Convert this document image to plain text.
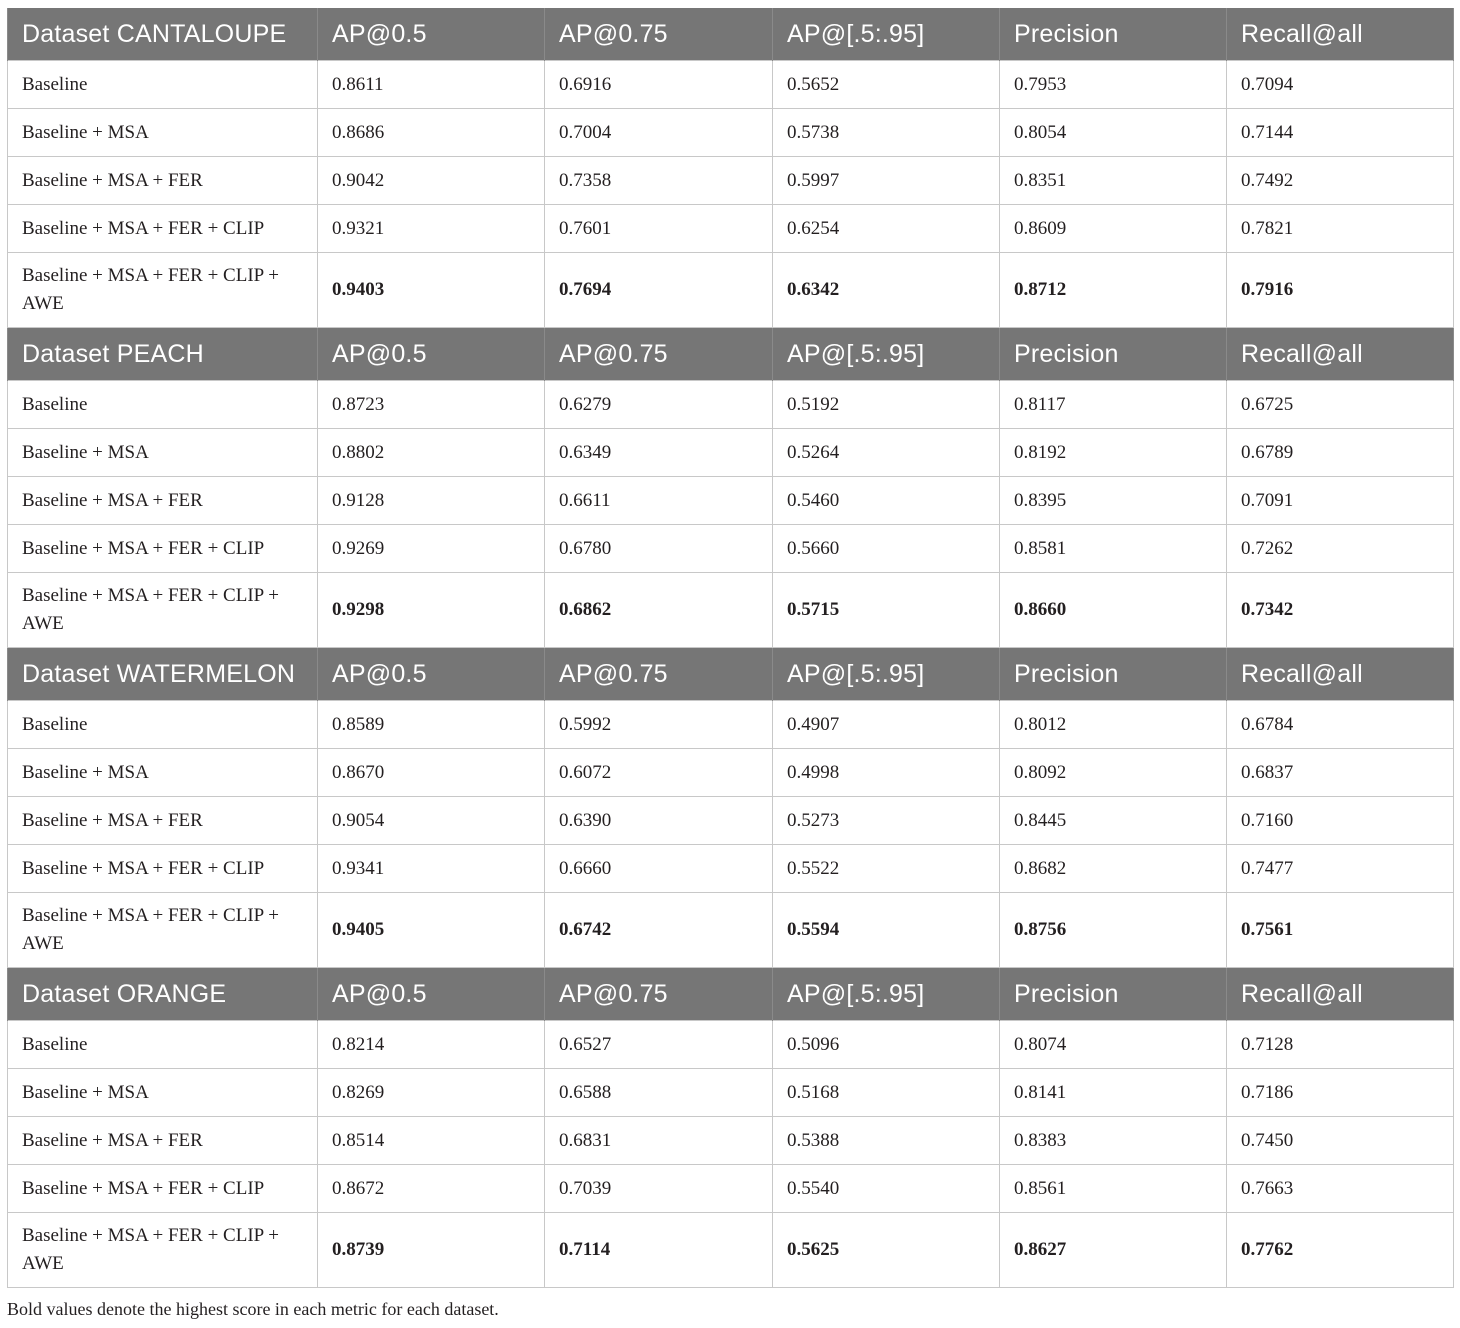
Dataset CANTALOUPE	AP@0.5	AP@0.75	AP@[.5:.95]	Precision	Recall@all
Baseline	0.8611	0.6916	0.5652	0.7953	0.7094
Baseline + MSA	0.8686	0.7004	0.5738	0.8054	0.7144
Baseline + MSA + FER	0.9042	0.7358	0.5997	0.8351	0.7492
Baseline + MSA + FER + CLIP	0.9321	0.7601	0.6254	0.8609	0.7821
Baseline + MSA + FER + CLIP + AWE	0.9403	0.7694	0.6342	0.8712	0.7916
Dataset PEACH	AP@0.5	AP@0.75	AP@[.5:.95]	Precision	Recall@all
Baseline	0.8723	0.6279	0.5192	0.8117	0.6725
Baseline + MSA	0.8802	0.6349	0.5264	0.8192	0.6789
Baseline + MSA + FER	0.9128	0.6611	0.5460	0.8395	0.7091
Baseline + MSA + FER + CLIP	0.9269	0.6780	0.5660	0.8581	0.7262
Baseline + MSA + FER + CLIP + AWE	0.9298	0.6862	0.5715	0.8660	0.7342
Dataset WATERMELON	AP@0.5	AP@0.75	AP@[.5:.95]	Precision	Recall@all
Baseline	0.8589	0.5992	0.4907	0.8012	0.6784
Baseline + MSA	0.8670	0.6072	0.4998	0.8092	0.6837
Baseline + MSA + FER	0.9054	0.6390	0.5273	0.8445	0.7160
Baseline + MSA + FER + CLIP	0.9341	0.6660	0.5522	0.8682	0.7477
Baseline + MSA + FER + CLIP + AWE	0.9405	0.6742	0.5594	0.8756	0.7561
Dataset ORANGE	AP@0.5	AP@0.75	AP@[.5:.95]	Precision	Recall@all
Baseline	0.8214	0.6527	0.5096	0.8074	0.7128
Baseline + MSA	0.8269	0.6588	0.5168	0.8141	0.7186
Baseline + MSA + FER	0.8514	0.6831	0.5388	0.8383	0.7450
Baseline + MSA + FER + CLIP	0.8672	0.7039	0.5540	0.8561	0.7663
Baseline + MSA + FER + CLIP + AWE	0.8739	0.7114	0.5625	0.8627	0.7762
Bold values denote the highest score in each metric for each dataset.
